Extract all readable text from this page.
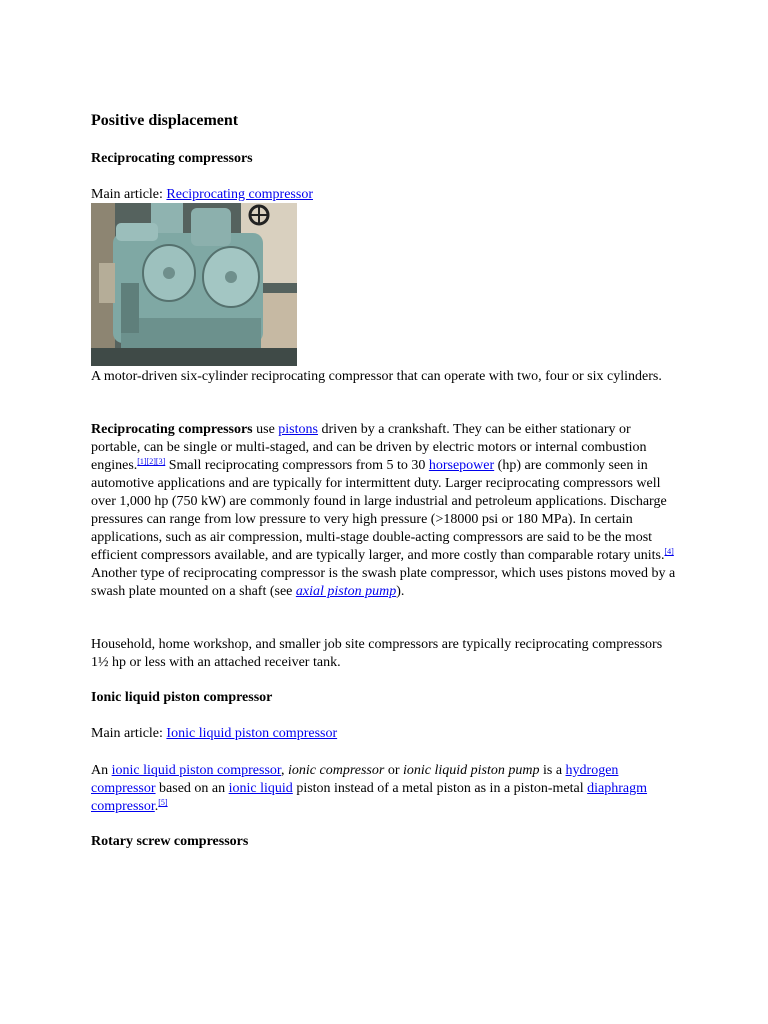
Positive displacement
Reciprocating compressors

Main article: Reciprocating compressor

A motor-driven six-cylinder reciprocating compressor that can operate with two, four or six cylinders.

Reciprocating compressors use pistons driven by a crankshaft. They can be either stationary or portable, can be single or multi-staged, and can be driven by electric motors or internal combustion engines.[1][2][3] Small reciprocating compressors from 5 to 30 horsepower (hp) are commonly seen in automotive applications and are typically for intermittent duty. Larger reciprocating compressors well over 1,000 hp (750 kW) are commonly found in large industrial and petroleum applications. Discharge pressures can range from low pressure to very high pressure (>18000 psi or 180 MPa). In certain applications, such as air compression, multi-stage double-acting compressors are said to be the most efficient compressors available, and are typically larger, and more costly than comparable rotary units.[4] Another type of reciprocating compressor is the swash plate compressor, which uses pistons moved by a swash plate mounted on a shaft (see axial piston pump).

Household, home workshop, and smaller job site compressors are typically reciprocating compressors 1½ hp or less with an attached receiver tank.

Ionic liquid piston compressor

Main article: Ionic liquid piston compressor

An ionic liquid piston compressor, ionic compressor or ionic liquid piston pump is a hydrogen compressor based on an ionic liquid piston instead of a metal piston as in a piston-metal diaphragm compressor.[5]

Rotary screw compressors
